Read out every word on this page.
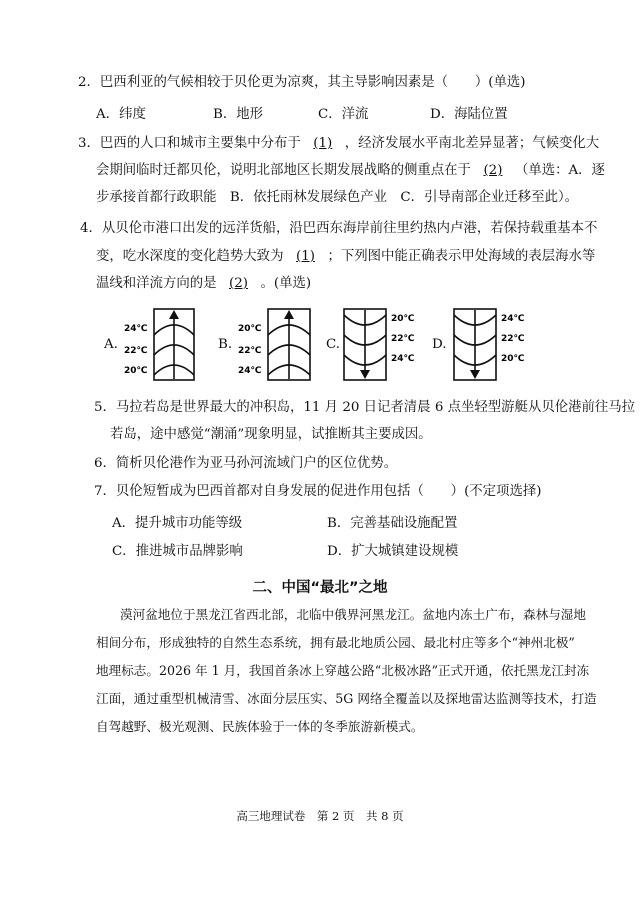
2．巴西利亚的气候相较于贝伦更为凉爽，其主导影响因素是（　　）(单选)
A．纬度	B．地形	C．洋流	D．海陆位置
3．巴西的人口和城市主要集中分布于 (1) ，经济发展水平南北差异显著；气候变化大
会期间临时迁都贝伦，说明北部地区长期发展战略的侧重点在于 (2) （单选：A．逐
步承接首都行政职能　B．依托雨林发展绿色产业　C．引导南部企业迁移至此）。
4．从贝伦市港口出发的远洋货船，沿巴西东海岸前往里约热内卢港，若保持载重基本不
变，吃水深度的变化趋势大致为 (1) ；下列图中能正确表示甲处海域的表层海水等
温线和洋流方向的是 (2) 。(单选)
A.
24℃
22℃
20℃
B.
20℃
22℃
24℃
C.
20℃
22℃
24℃
D.
24℃
22℃
20℃
5．马拉若岛是世界最大的冲积岛，11 月 20 日记者清晨 6 点坐轻型游艇从贝伦港前往马拉
若岛，途中感觉“潮涌”现象明显，试推断其主要成因。
6．简析贝伦港作为亚马孙河流域门户的区位优势。
7．贝伦短暂成为巴西首都对自身发展的促进作用包括（　　）(不定项选择)
A．提升城市功能等级	B．完善基础设施配置
C．推进城市品牌影响	D．扩大城镇建设规模
二、中国“最北”之地
漠河盆地位于黑龙江省西北部，北临中俄界河黑龙江。盆地内冻土广布，森林与湿地
相间分布，形成独特的自然生态系统，拥有最北地质公园、最北村庄等多个“神州北极”
地理标志。2026 年 1 月，我国首条冰上穿越公路“北极冰路”正式开通，依托黑龙江封冻
江面，通过重型机械清雪、冰面分层压实、5G 网络全覆盖以及探地雷达监测等技术，打造
自驾越野、极光观测、民族体验于一体的冬季旅游新模式。
高三地理试卷　第 2 页　共 8 页
